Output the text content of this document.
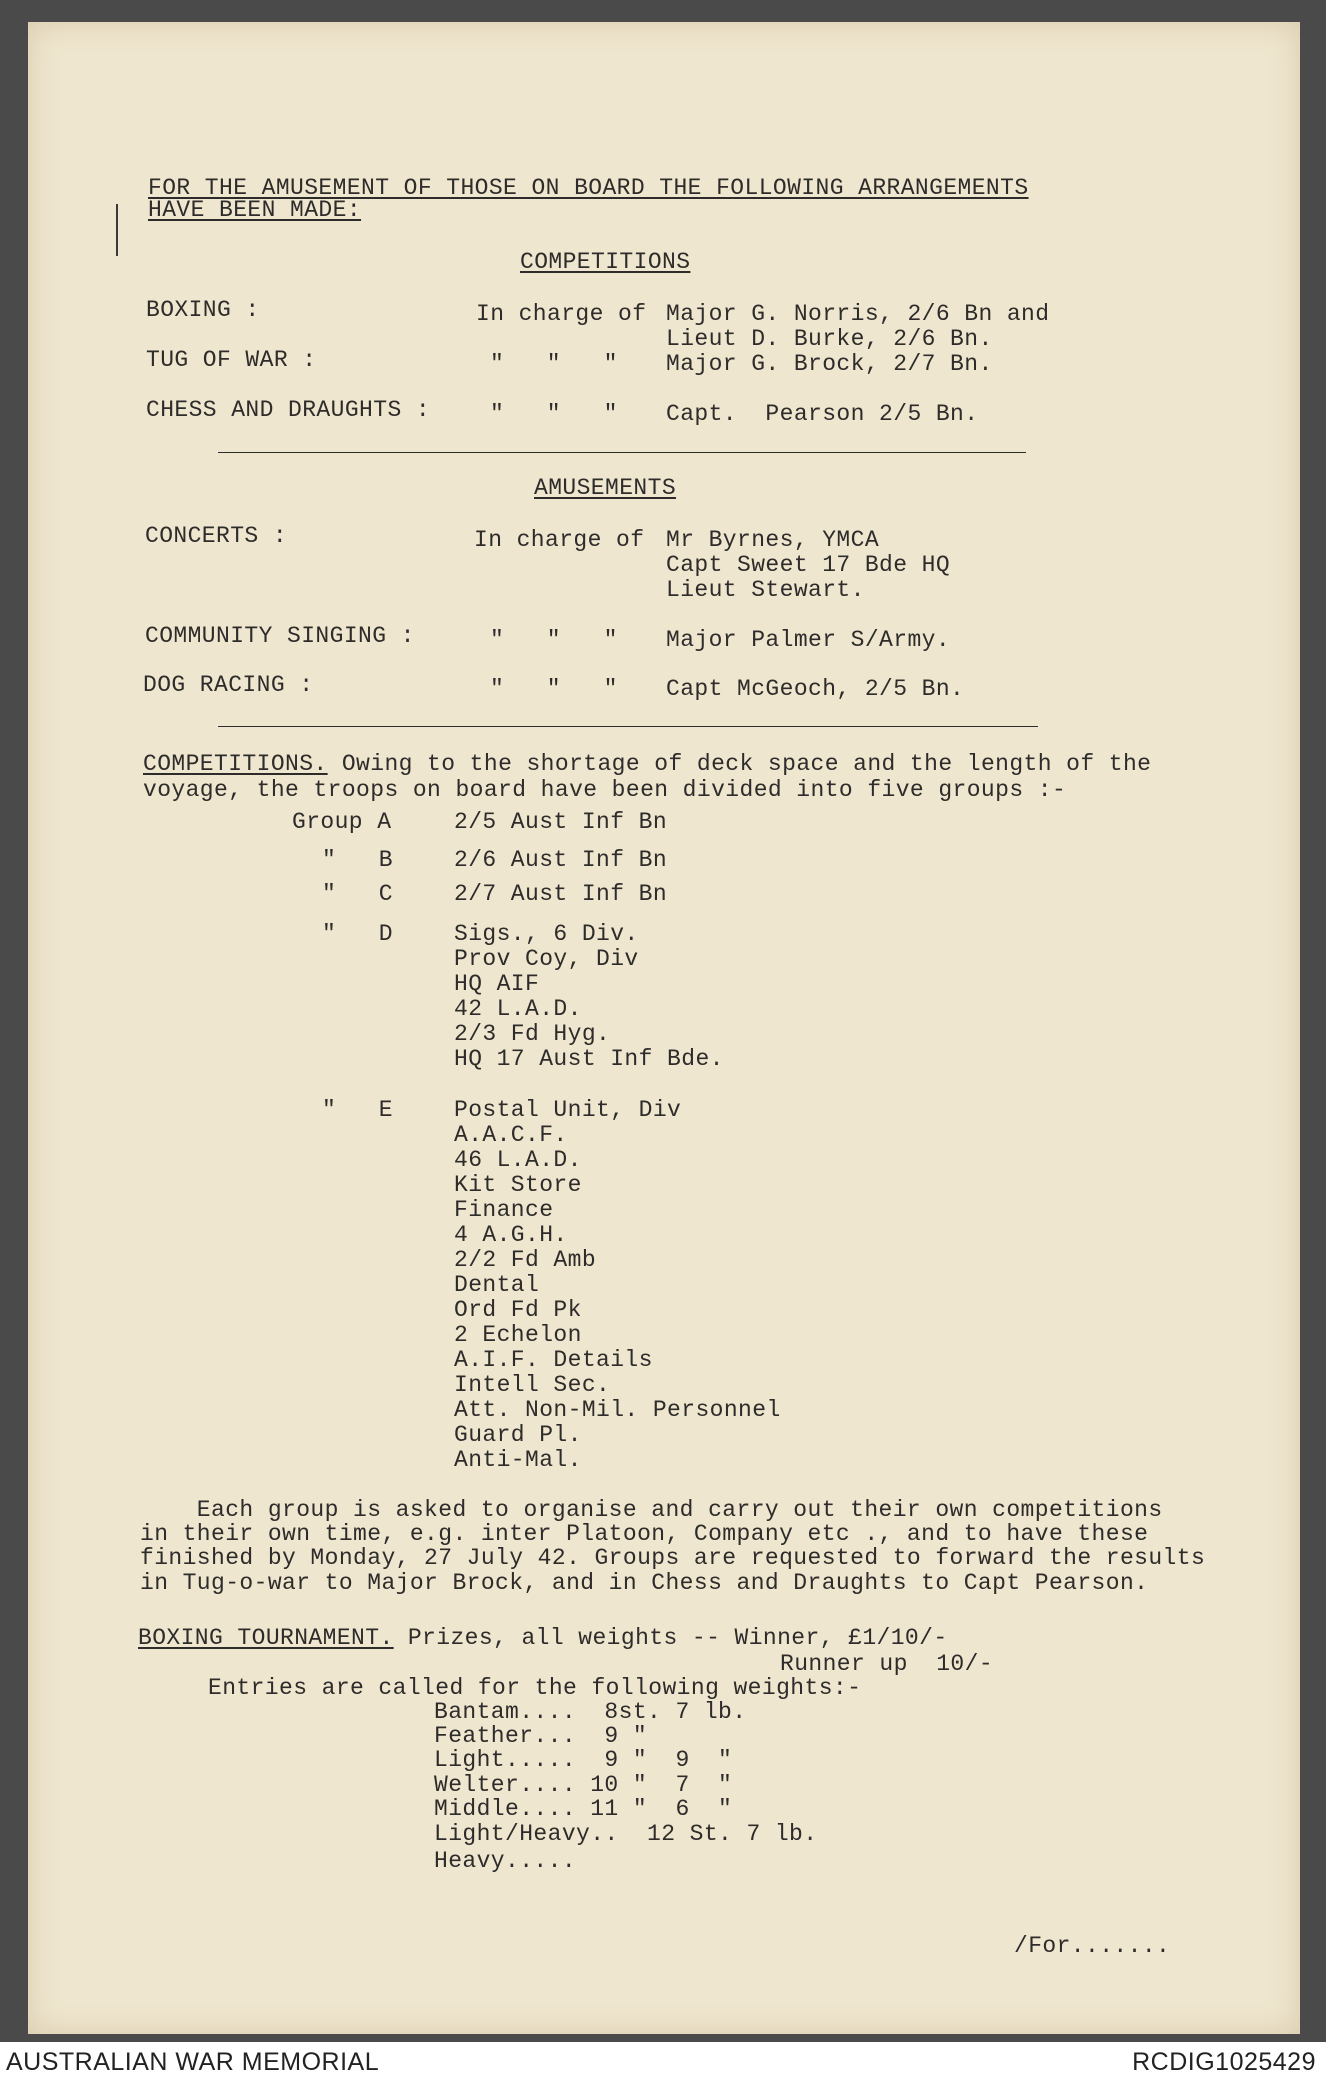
FOR THE AMUSEMENT OF THOSE ON BOARD THE FOLLOWING ARRANGEMENTS
HAVE BEEN MADE:
COMPETITIONS
BOXING :	In charge of Major G. Norris, 2/6 Bn and
Lieut D. Burke, 2/6 Bn.
TUG OF WAR :	"   "   " Major G. Brock, 2/7 Bn.
CHESS AND DRAUGHTS :	"   "   " Capt.  Pearson 2/5 Bn.
AMUSEMENTS
CONCERTS :	In charge of Mr Byrnes, YMCA
Capt Sweet 17 Bde HQ
Lieut Stewart.
COMMUNITY SINGING :	"   "   " Major Palmer S/Army.
DOG RACING :	"   "   " Capt McGeoch, 2/5 Bn.
COMPETITIONS. Owing to the shortage of deck space and the length of the
voyage, the troops on board have been divided into five groups :-
Group A	2/5 Aust Inf Bn
"   B	2/6 Aust Inf Bn
"   C	2/7 Aust Inf Bn
"   D	Sigs., 6 Div.
Prov Coy, Div
HQ AIF
42 L.A.D.
2/3 Fd Hyg.
HQ 17 Aust Inf Bde.
"   E	Postal Unit, Div
A.A.C.F.
46 L.A.D.
Kit Store
Finance
4 A.G.H.
2/2 Fd Amb
Dental
Ord Fd Pk
2 Echelon
A.I.F. Details
Intell Sec.
Att. Non-Mil. Personnel
Guard Pl.
Anti-Mal.
Each group is asked to organise and carry out their own competitions
in their own time, e.g. inter Platoon, Company etc ., and to have these
finished by Monday, 27 July 42. Groups are requested to forward the results
in Tug-o-war to Major Brock, and in Chess and Draughts to Capt Pearson.
BOXING TOURNAMENT. Prizes, all weights -- Winner, £1/10/-
Runner up  10/-
Entries are called for the following weights:-
Bantam....  8st. 7 lb.
Feather...  9 "
Light.....  9 "  9  "
Welter.... 10 "  7  "
Middle.... 11 "  6  "
Light/Heavy..  12 St. 7 lb.
Heavy.....
/For.......
AUSTRALIAN WAR MEMORIAL	RCDIG1025429
